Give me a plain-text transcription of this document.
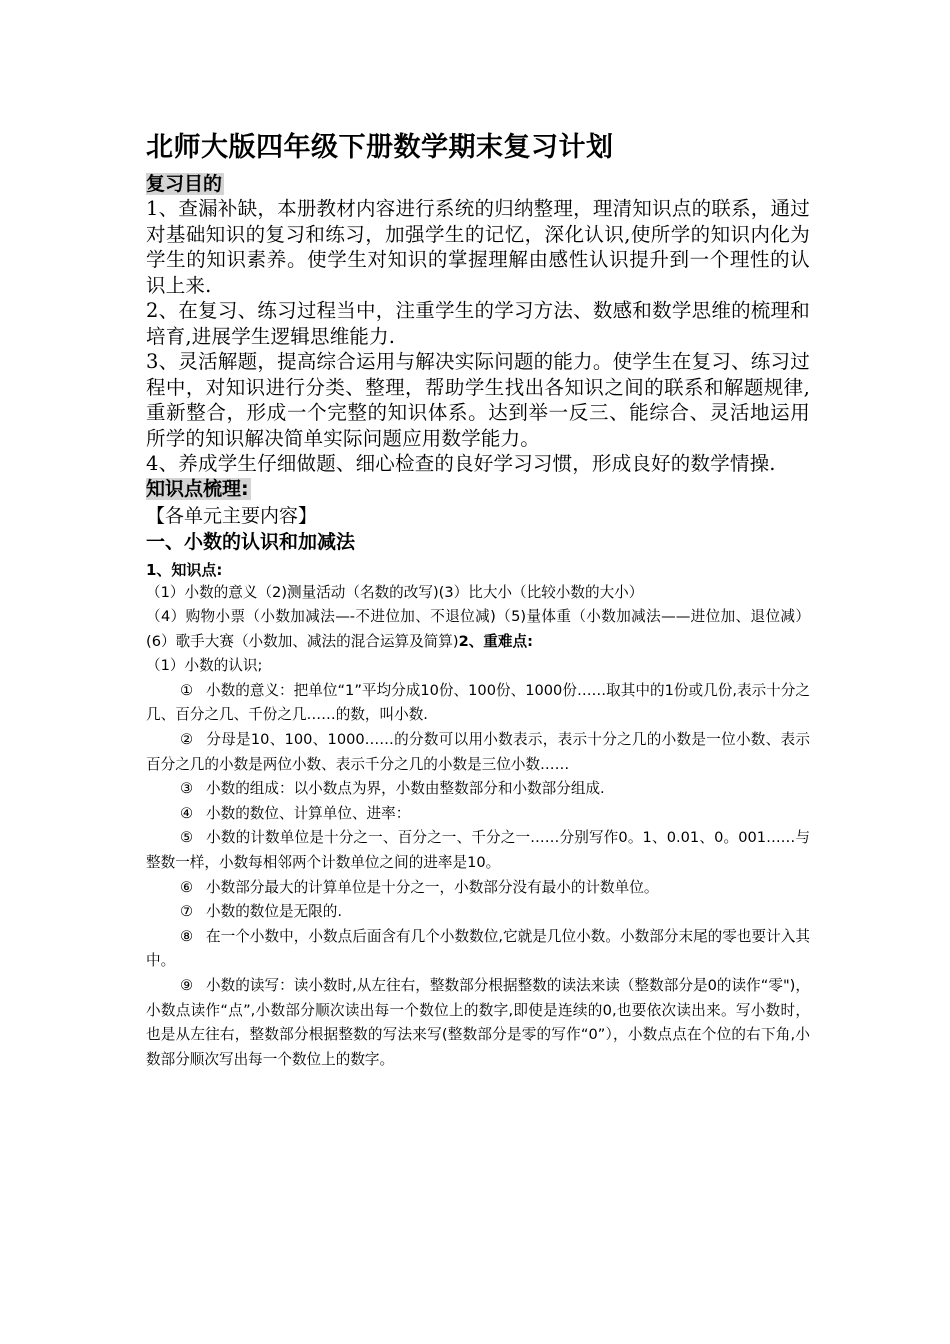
北师大版四年级下册数学期末复习计划
复习目的

1、查漏补缺，本册教材内容进行系统的归纳整理，理清知识点的联系，通过对基础知识的复习和练习，加强学生的记忆，深化认识,使所学的知识内化为学生的知识素养。使学生对知识的掌握理解由感性认识提升到一个理性的认识上来.

2、在复习、练习过程当中，注重学生的学习方法、数感和数学思维的梳理和培育,进展学生逻辑思维能力.

3、灵活解题，提高综合运用与解决实际问题的能力。使学生在复习、练习过程中，对知识进行分类、整理，帮助学生找出各知识之间的联系和解题规律,重新整合，形成一个完整的知识体系。达到举一反三、能综合、灵活地运用所学的知识解决简单实际问题应用数学能力。

4、养成学生仔细做题、细心检查的良好学习习惯，形成良好的数学情操.

知识点梳理:

【各单元主要内容】

一、小数的认识和加减法

1、知识点:

（1）小数的意义（2)测量活动（名数的改写)(3）比大小（比较小数的大小）

（4）购物小票（小数加减法—-不进位加、不退位减)（5)量体重（小数加减法——进位加、退位减）(6）歌手大赛（小数加、减法的混合运算及简算)2、重难点:

（1）小数的认识;

① 小数的意义：把单位“1”平均分成10份、100份、1000份……取其中的1份或几份,表示十分之几、百分之几、千份之几……的数，叫小数.

② 分母是10、100、1000……的分数可以用小数表示，表示十分之几的小数是一位小数、表示百分之几的小数是两位小数、表示千分之几的小数是三位小数……

③ 小数的组成：以小数点为界，小数由整数部分和小数部分组成.

④ 小数的数位、计算单位、进率：

⑤ 小数的计数单位是十分之一、百分之一、千分之一……分别写作0。1、0.01、0。001……与整数一样，小数每相邻两个计数单位之间的进率是10。

⑥ 小数部分最大的计算单位是十分之一，小数部分没有最小的计数单位。

⑦ 小数的数位是无限的.

⑧ 在一个小数中，小数点后面含有几个小数数位,它就是几位小数。小数部分末尾的零也要计入其中。

⑨ 小数的读写：读小数时,从左往右，整数部分根据整数的读法来读（整数部分是0的读作“零")，小数点读作“点”,小数部分顺次读出每一个数位上的数字,即使是连续的0,也要依次读出来。写小数时，也是从左往右，整数部分根据整数的写法来写(整数部分是零的写作“0”），小数点点在个位的右下角,小数部分顺次写出每一个数位上的数字。
